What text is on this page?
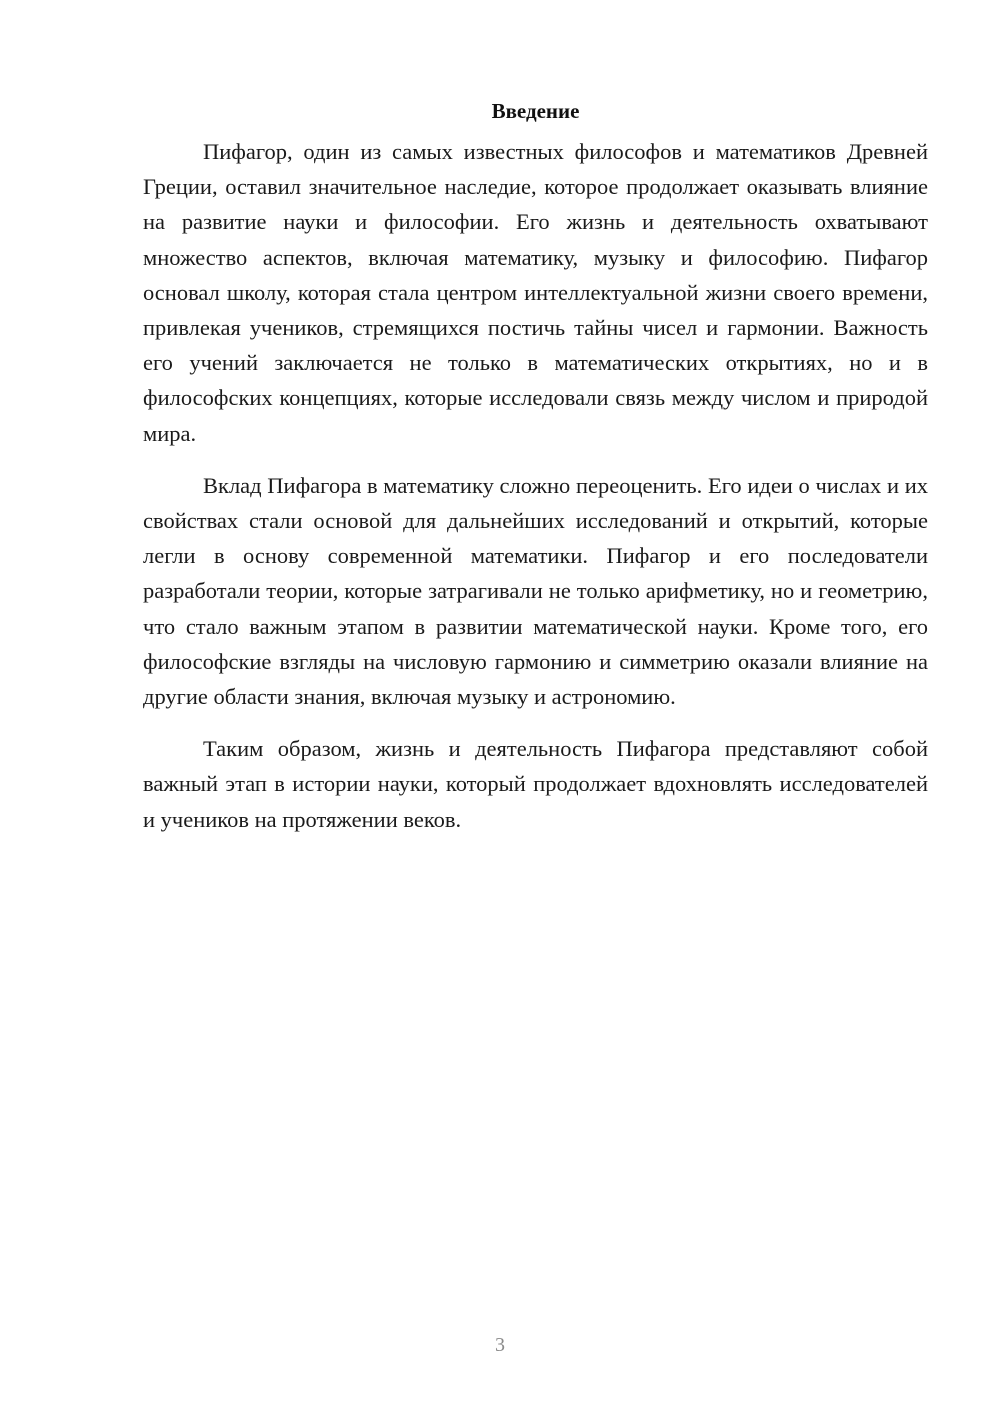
Введение

Пифагор, один из самых известных философов и математиков Древней Греции, оставил значительное наследие, которое продолжает оказывать влияние на развитие науки и философии. Его жизнь и деятельность охватывают множество аспектов, включая математику, музыку и философию. Пифагор основал школу, которая стала центром интеллектуальной жизни своего времени, привлекая учеников, стремящихся постичь тайны чисел и гармонии. Важность его учений заключается не только в математических открытиях, но и в философских концепциях, которые исследовали связь между числом и природой мира.

Вклад Пифагора в математику сложно переоценить. Его идеи о числах и их свойствах стали основой для дальнейших исследований и открытий, которые легли в основу современной математики. Пифагор и его последователи разработали теории, которые затрагивали не только арифметику, но и геометрию, что стало важным этапом в развитии математической науки. Кроме того, его философские взгляды на числовую гармонию и симметрию оказали влияние на другие области знания, включая музыку и астрономию.

Таким образом, жизнь и деятельность Пифагора представляют собой важный этап в истории науки, который продолжает вдохновлять исследователей и учеников на протяжении веков.

3
